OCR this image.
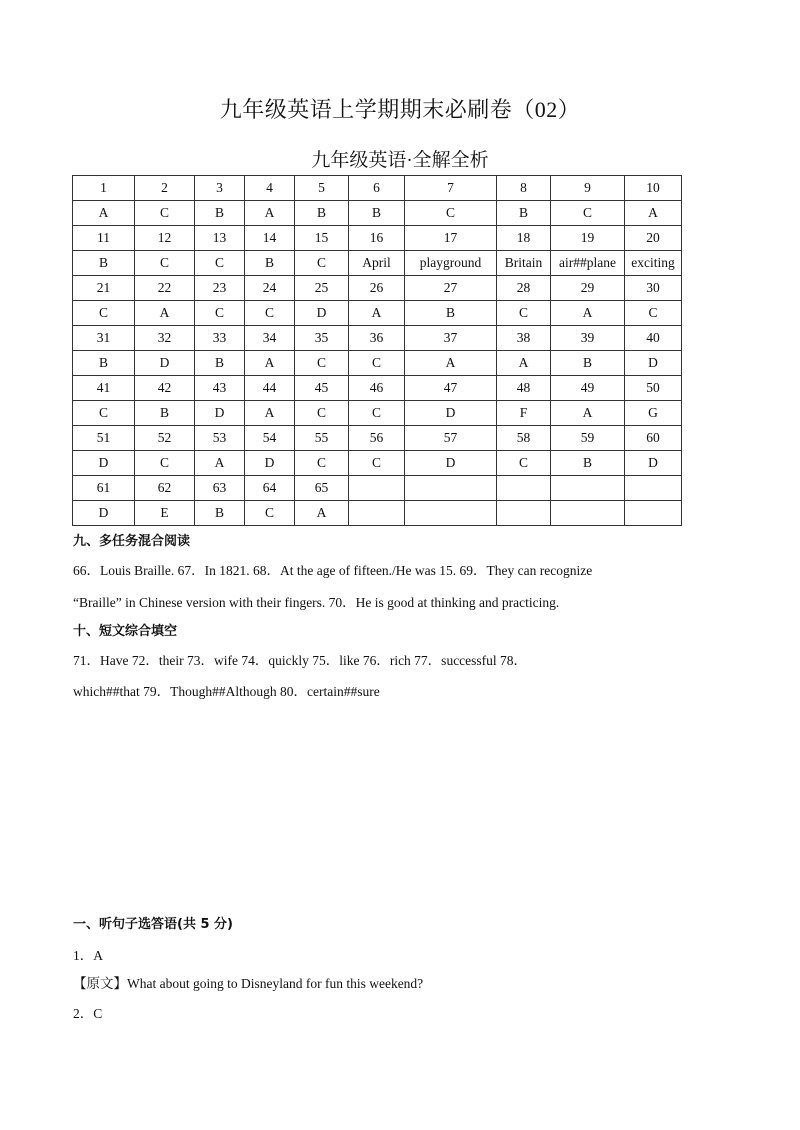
九年级英语上学期期末必刷卷（02）
九年级英语·全解全析
1	2	3	4	5	6	7	8	9	10
A	C	B	A	B	B	C	B	C	A
11	12	13	14	15	16	17	18	19	20
B	C	C	B	C	April	playground	Britain	air##plane	exciting
21	22	23	24	25	26	27	28	29	30
C	A	C	C	D	A	B	C	A	C
31	32	33	34	35	36	37	38	39	40
B	D	B	A	C	C	A	A	B	D
41	42	43	44	45	46	47	48	49	50
C	B	D	A	C	C	D	F	A	G
51	52	53	54	55	56	57	58	59	60
D	C	A	D	C	C	D	C	B	D
61	62	63	64	65					
D	E	B	C	A					
九、多任务混合阅读
66．Louis Braille. 67．In 1821. 68．At the age of fifteen./He was 15. 69．They can recognize
“Braille” in Chinese version with their fingers. 70．He is good at thinking and practicing.
十、短文综合填空
71．Have 72．their 73．wife 74．quickly 75．like 76．rich 77．successful 78．
which##that 79．Though##Although 80．certain##sure
一、听句子选答语(共 5 分)
1．A
【原文】What about going to Disneyland for fun this weekend?
2．C
